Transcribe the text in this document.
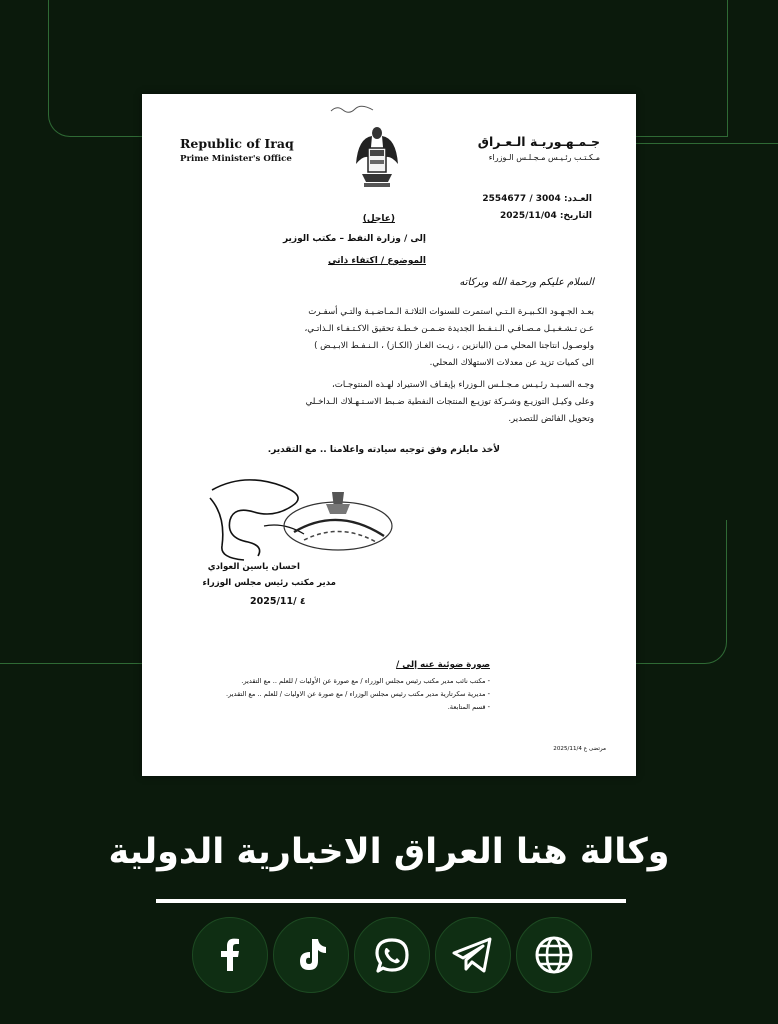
Republic of Iraq
Prime Minister's Office
جـمـهـوريـة الـعـراق
مـكـتـب رئـيـس مـجـلـس الـوزراء
العـدد: 3004 / 2554677
التاريخ: 2025/11/04
(عاجل)
إلى / وزارة النفط – مكتب الوزير
الموضوع / اكتفاء ذاتي
السلام عليكم ورحمة الله وبركاته
بعـد الجـهـود الكـبيـرة الـتـي استمرت للسنوات الثلاثـة الـمـاضـيـة والتـي أسفـرت
عـن تـشـغـيـل مـصـافـي الـنـفـط الجديدة ضـمـن خـطـة تحقيق الاكـتـفـاء الـذاتـي،
ولوصـول انتاجنا المحلي مـن (البانزين ، زيـت الغـاز (الكـاز) ، الـنـفـط الابـيـض )
الى كميات تزيد عن معدلات الاستهلاك المحلي.
وجـه السـيـد رئـيـس مـجـلـس الـوزراء بإيقـاف الاستيراد لهـذه المنتوجـات،
وعلى وكيـل التوزيـع وشـركة توزيـع المنتجات النفطية ضـبط الاسـتـهـلاك الـداخـلي
وتحويل الفائض للتصدير.
لأخذ مايلزم وفق توجيه سيادته واعلامنا .. مع التقدير.
احسان ياسين العوادي
مدير مكتب رئيس مجلس الوزراء
2025/11/ ٤
صورة ضوئية عنه إلى /
- مكتب نائب مدير مكتب رئيس مجلس الوزراء / مع صورة عن الأوليات / للعلم .. مع التقدير.
- مديرية سكرتارية مدير مكتب رئيس مجلس الوزراء / مع صورة عن الاوليات / للعلم .. مع التقدير.
- قسم المتابعة.
مرتضى ع 2025/11/4
وكالة هنا العراق الاخبارية الدولية
